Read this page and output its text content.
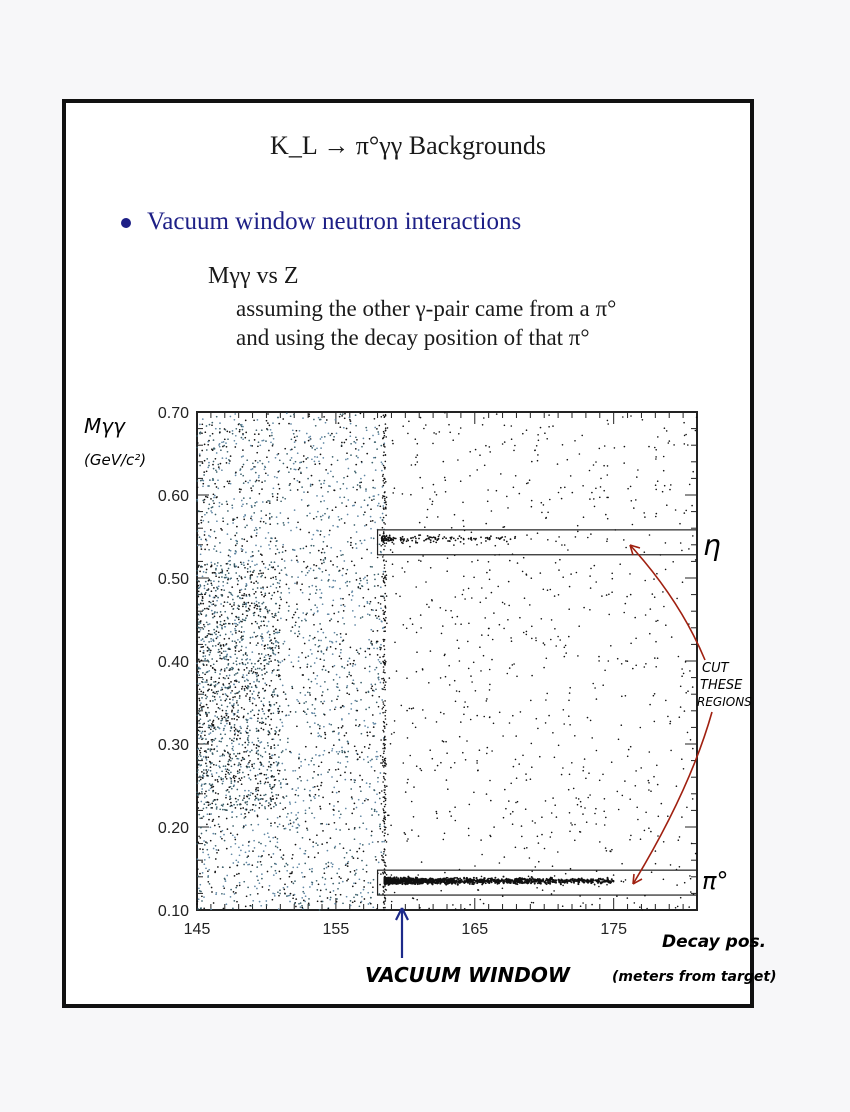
K_L → π°γγ Backgrounds
Vacuum window neutron interactions
Mγγ vs Z
assuming the other γ-pair came from a π°
and using the decay position of that π°
0.10
0.20
0.30
0.40
0.50
0.60
0.70
145	155	165	175
Mγγ
(GeV/c²)
Decay pos.
(meters from target)
η
π°
CUT
THESE
REGIONS
VACUUM WINDOW
